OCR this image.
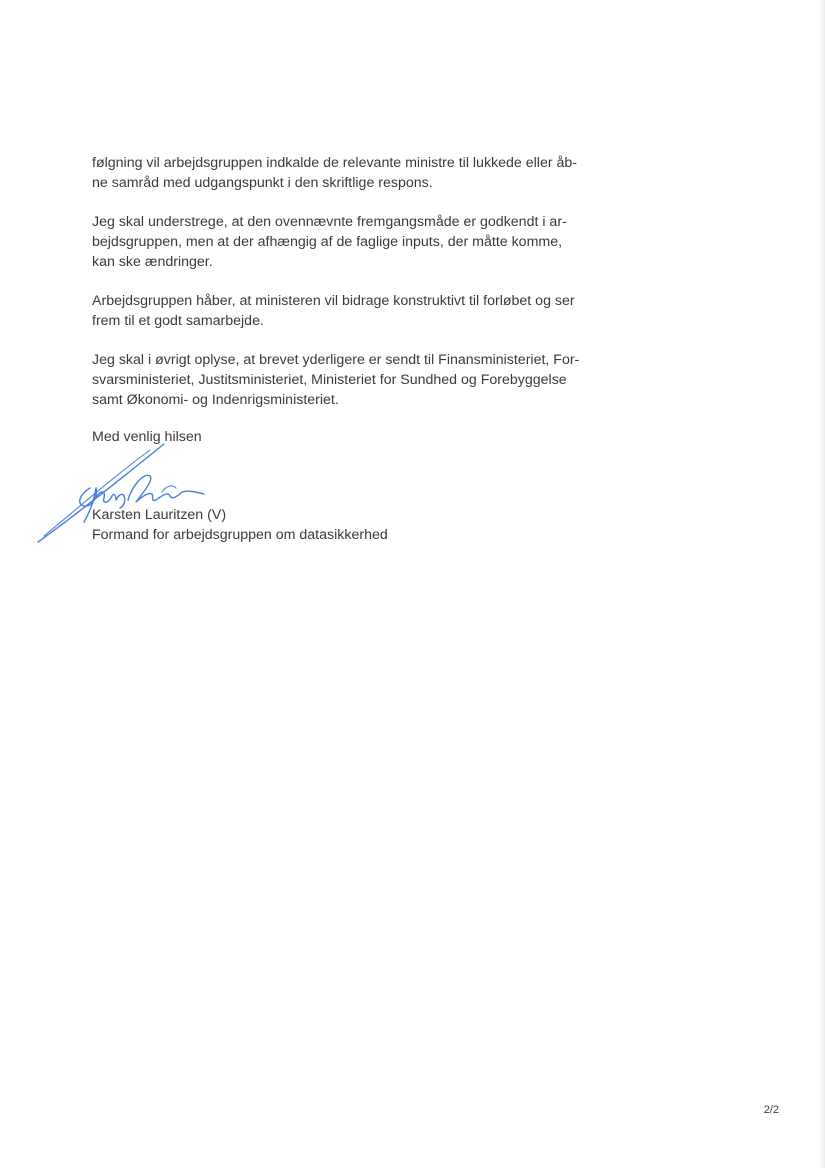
følgning vil arbejdsgruppen indkalde de relevante ministre til lukkede eller åb-
ne samråd med udgangspunkt i den skriftlige respons.

Jeg skal understrege, at den ovennævnte fremgangsmåde er godkendt i ar-
bejdsgruppen, men at der afhængig af de faglige inputs, der måtte komme,
kan ske ændringer.

Arbejdsgruppen håber, at ministeren vil bidrage konstruktivt til forløbet og ser
frem til et godt samarbejde.

Jeg skal i øvrigt oplyse, at brevet yderligere er sendt til Finansministeriet, For-
svarsministeriet, Justitsministeriet, Ministeriet for Sundhed og Forebyggelse
samt Økonomi- og Indenrigsministeriet.

Med venlig hilsen
Karsten Lauritzen (V)
Formand for arbejdsgruppen om datasikkerhed
2/2
